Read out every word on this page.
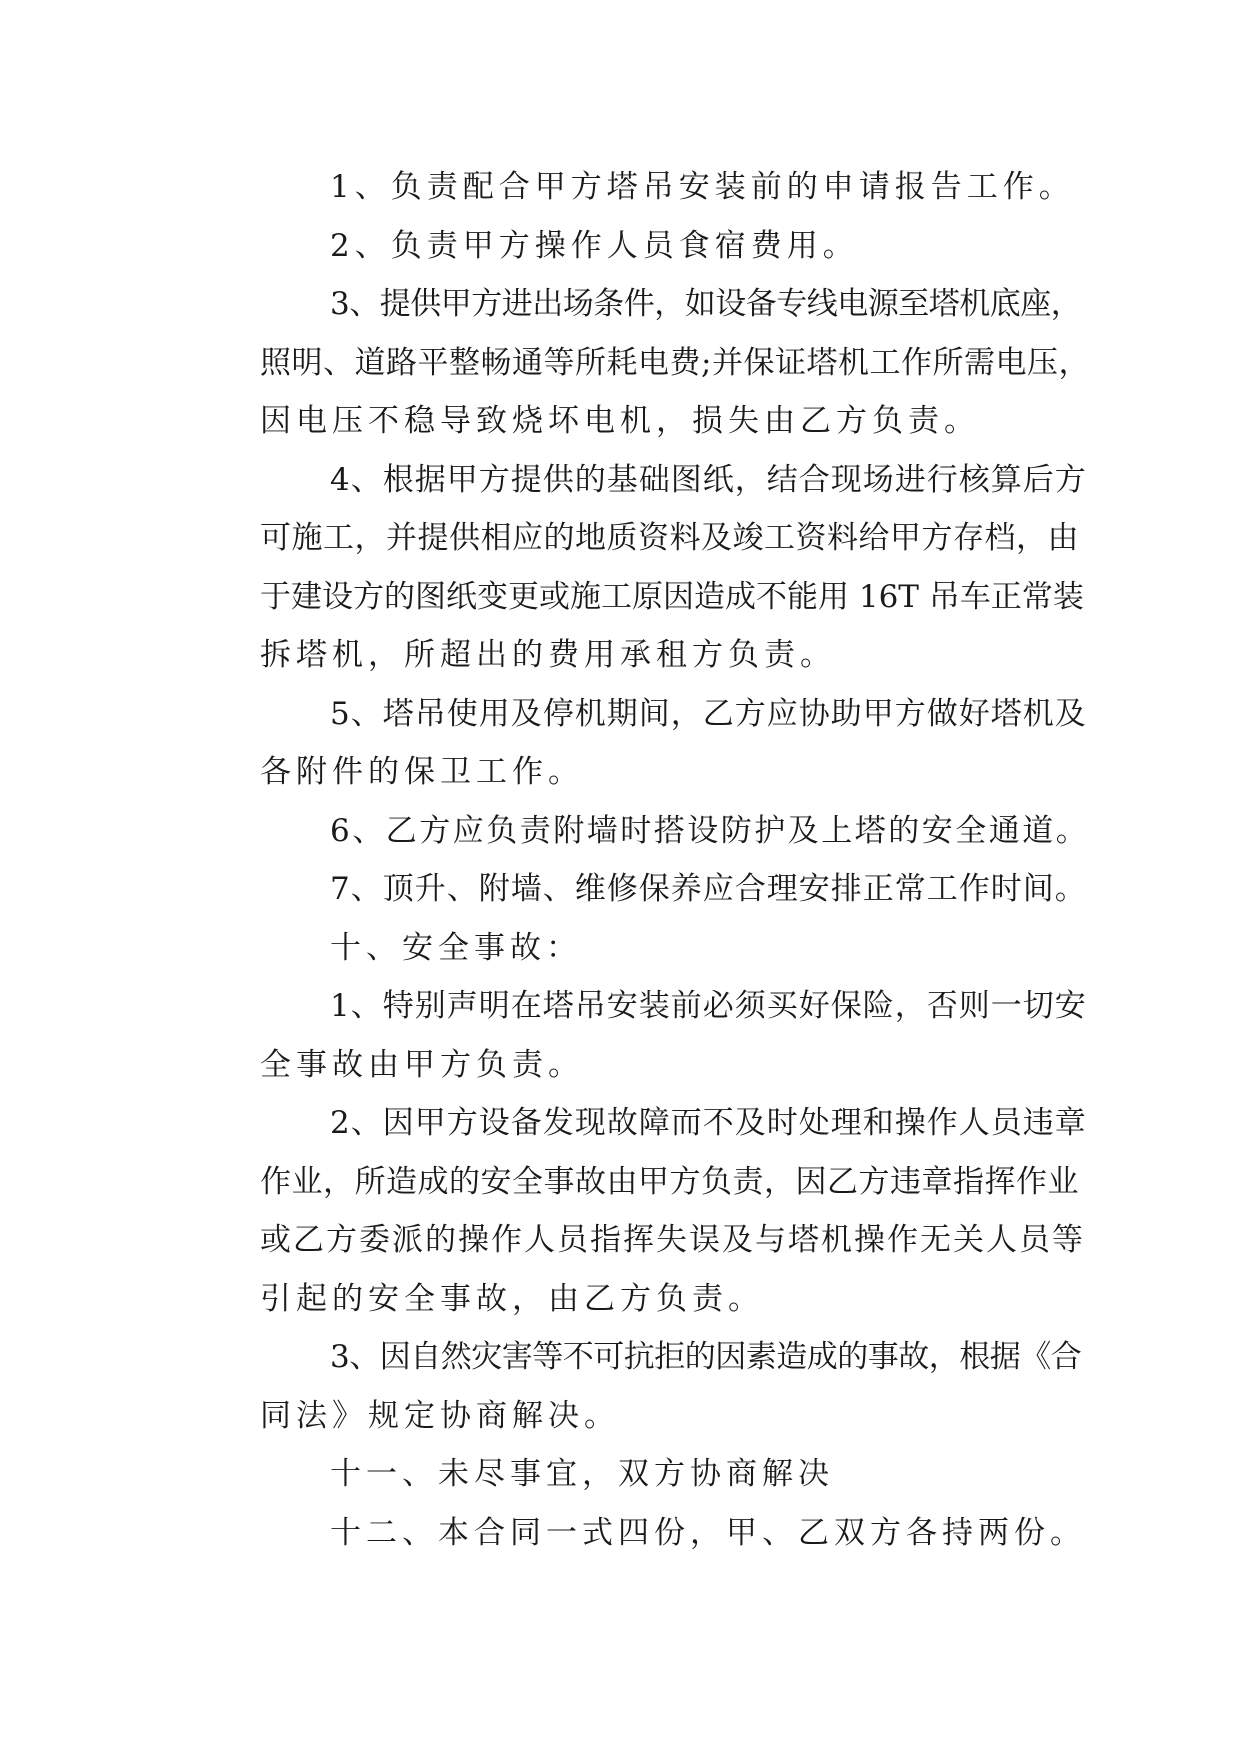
1、负责配合甲方塔吊安装前的申请报告工作。
2、负责甲方操作人员食宿费用。
3、提供甲方进出场条件，如设备专线电源至塔机底座，
照明、道路平整畅通等所耗电费;并保证塔机工作所需电压，
因电压不稳导致烧坏电机，损失由乙方负责。
4、根据甲方提供的基础图纸，结合现场进行核算后方
可施工，并提供相应的地质资料及竣工资料给甲方存档，由
于建设方的图纸变更或施工原因造成不能用 16T 吊车正常装
拆塔机，所超出的费用承租方负责。
5、塔吊使用及停机期间，乙方应协助甲方做好塔机及
各附件的保卫工作。
6、乙方应负责附墙时搭设防护及上塔的安全通道。
7、顶升、附墙、维修保养应合理安排正常工作时间。
十、安全事故：
1、特别声明在塔吊安装前必须买好保险，否则一切安
全事故由甲方负责。
2、因甲方设备发现故障而不及时处理和操作人员违章
作业，所造成的安全事故由甲方负责，因乙方违章指挥作业
或乙方委派的操作人员指挥失误及与塔机操作无关人员等
引起的安全事故，由乙方负责。
3、因自然灾害等不可抗拒的因素造成的事故，根据《合
同法》规定协商解决。
十一、未尽事宜，双方协商解决
十二、本合同一式四份，甲、乙双方各持两份。
